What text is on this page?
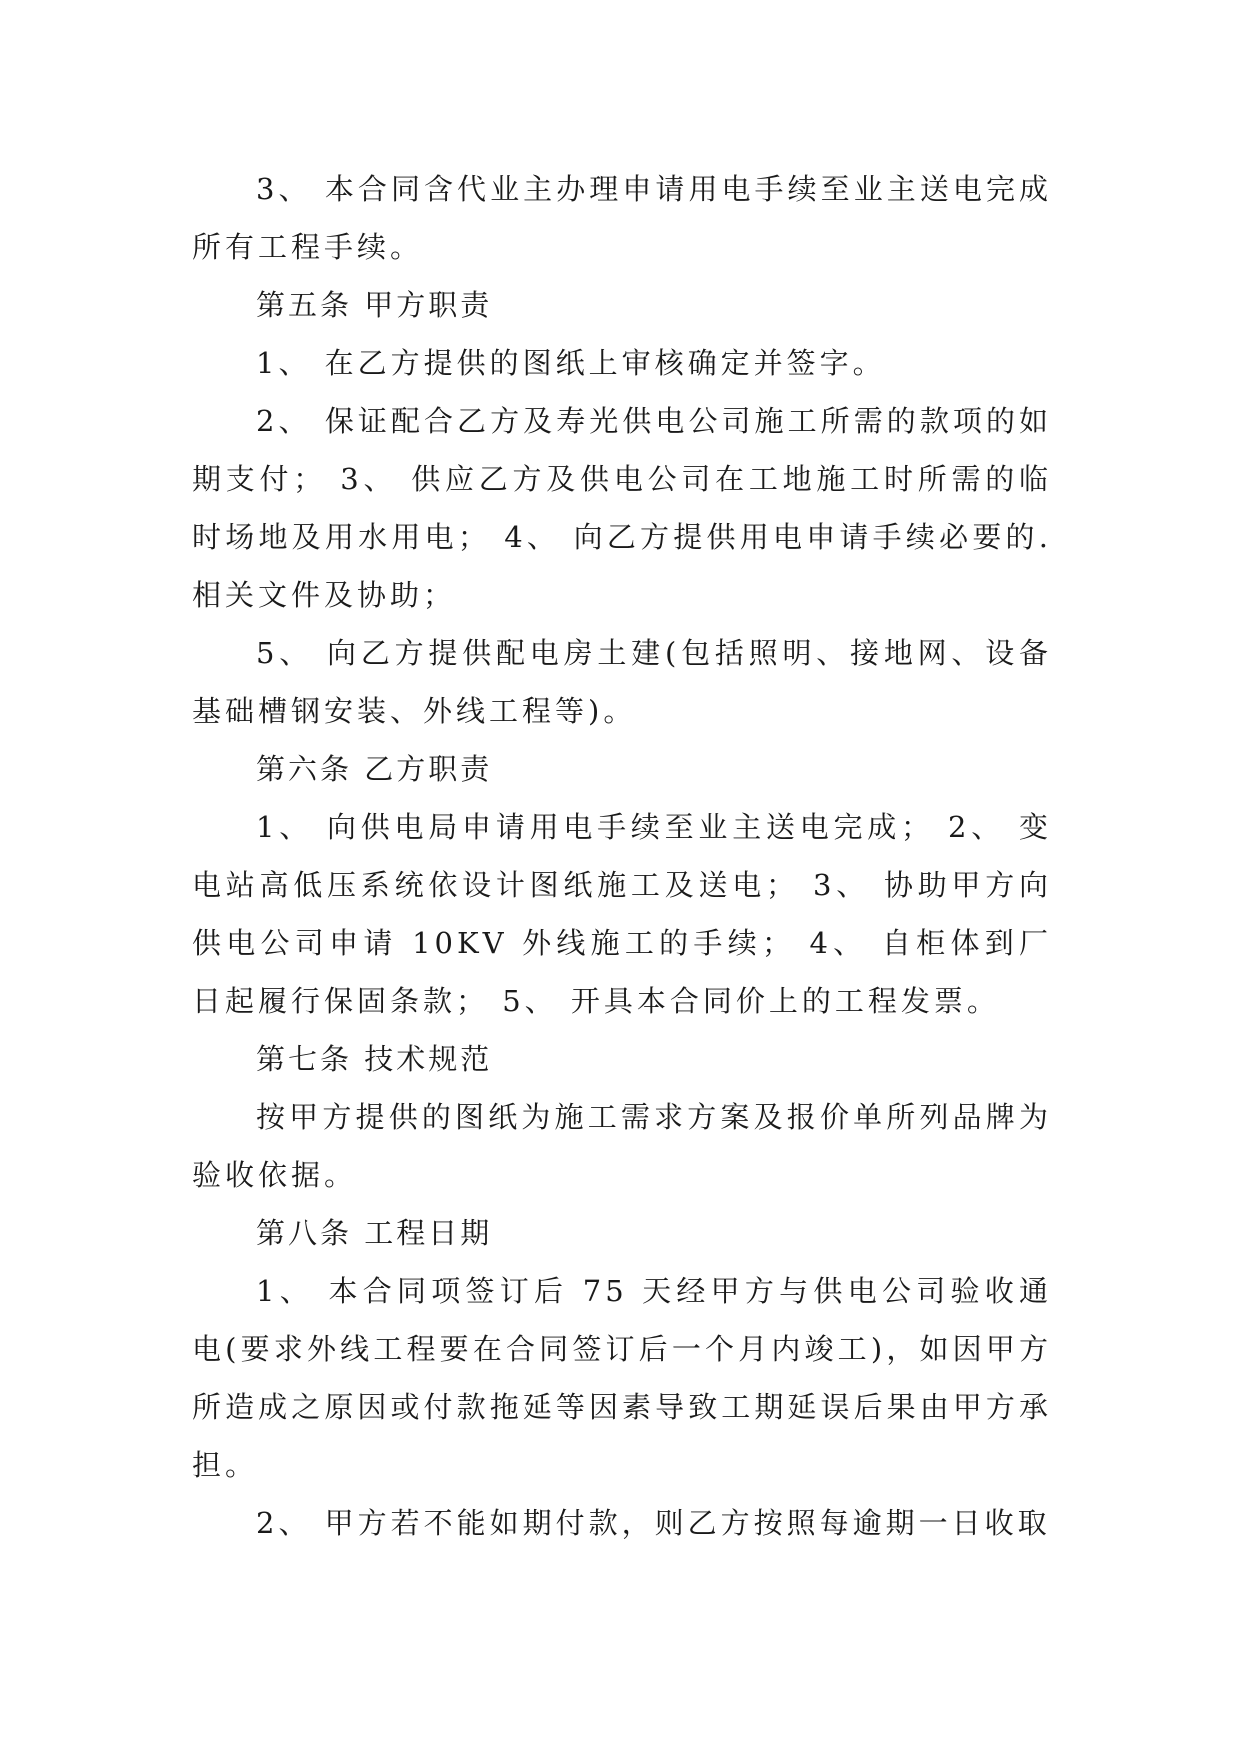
3、 本合同含代业主办理申请用电手续至业主送电完成所有工程手续。

第五条 甲方职责

1、 在乙方提供的图纸上审核确定并签字。

2、 保证配合乙方及寿光供电公司施工所需的款项的如期支付； 3、 供应乙方及供电公司在工地施工时所需的临时场地及用水用电； 4、 向乙方提供用电申请手续必要的.相关文件及协助；

5、 向乙方提供配电房土建(包括照明、接地网、设备基础槽钢安装、外线工程等)。

第六条 乙方职责

1、 向供电局申请用电手续至业主送电完成； 2、 变电站高低压系统依设计图纸施工及送电； 3、 协助甲方向供电公司申请 10KV 外线施工的手续； 4、 自柜体到厂日起履行保固条款； 5、 开具本合同价上的工程发票。

第七条 技术规范

按甲方提供的图纸为施工需求方案及报价单所列品牌为验收依据。

第八条 工程日期

1、 本合同项签订后 75 天经甲方与供电公司验收通电(要求外线工程要在合同签订后一个月内竣工)，如因甲方所造成之原因或付款拖延等因素导致工期延误后果由甲方承担。

2、 甲方若不能如期付款，则乙方按照每逾期一日收取
